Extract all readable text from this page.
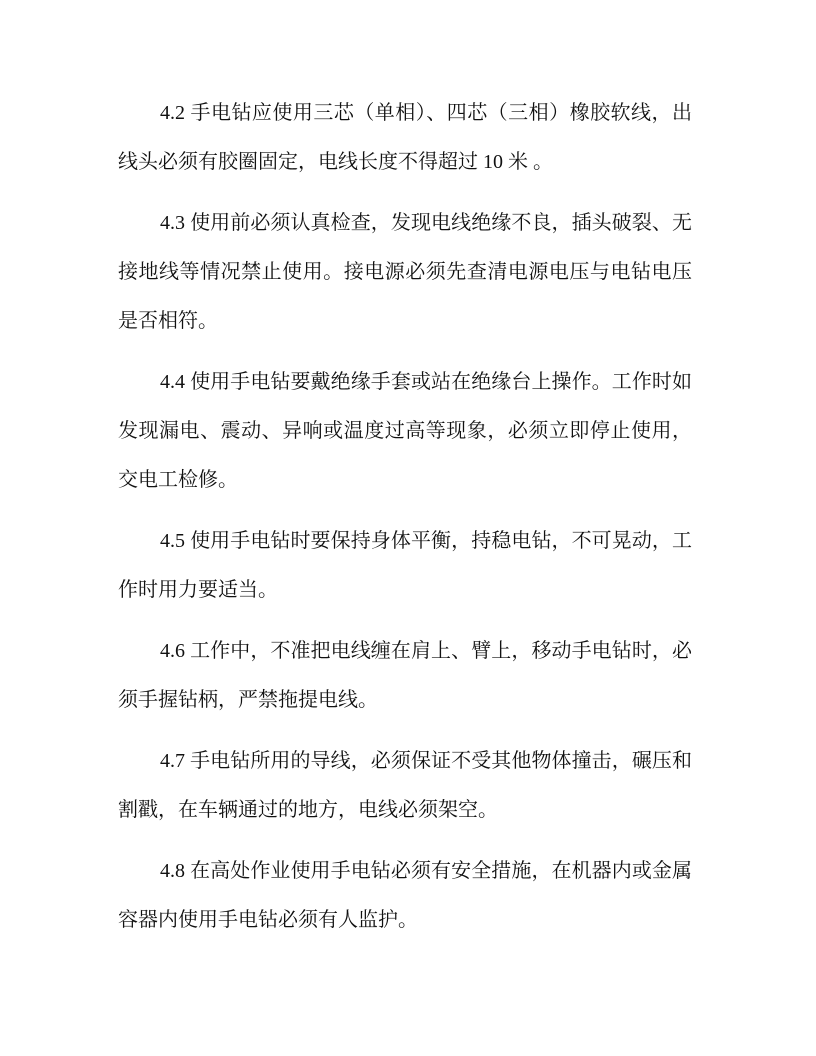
4.2 手电钻应使用三芯（单相）、四芯（三相）橡胶软线，出
线头必须有胶圈固定，电线长度不得超过 10 米 。

4.3 使用前必须认真检查，发现电线绝缘不良，插头破裂、无
接地线等情况禁止使用。接电源必须先查清电源电压与电钻电压
是否相符。

4.4 使用手电钻要戴绝缘手套或站在绝缘台上操作。工作时如
发现漏电、震动、异响或温度过高等现象，必须立即停止使用，
交电工检修。

4.5 使用手电钻时要保持身体平衡，持稳电钻，不可晃动，工
作时用力要适当。

4.6 工作中，不准把电线缠在肩上、臂上，移动手电钻时，必
须手握钻柄，严禁拖提电线。

4.7 手电钻所用的导线，必须保证不受其他物体撞击，碾压和
割戳，在车辆通过的地方，电线必须架空。

4.8 在高处作业使用手电钻必须有安全措施，在机器内或金属
容器内使用手电钻必须有人监护。
